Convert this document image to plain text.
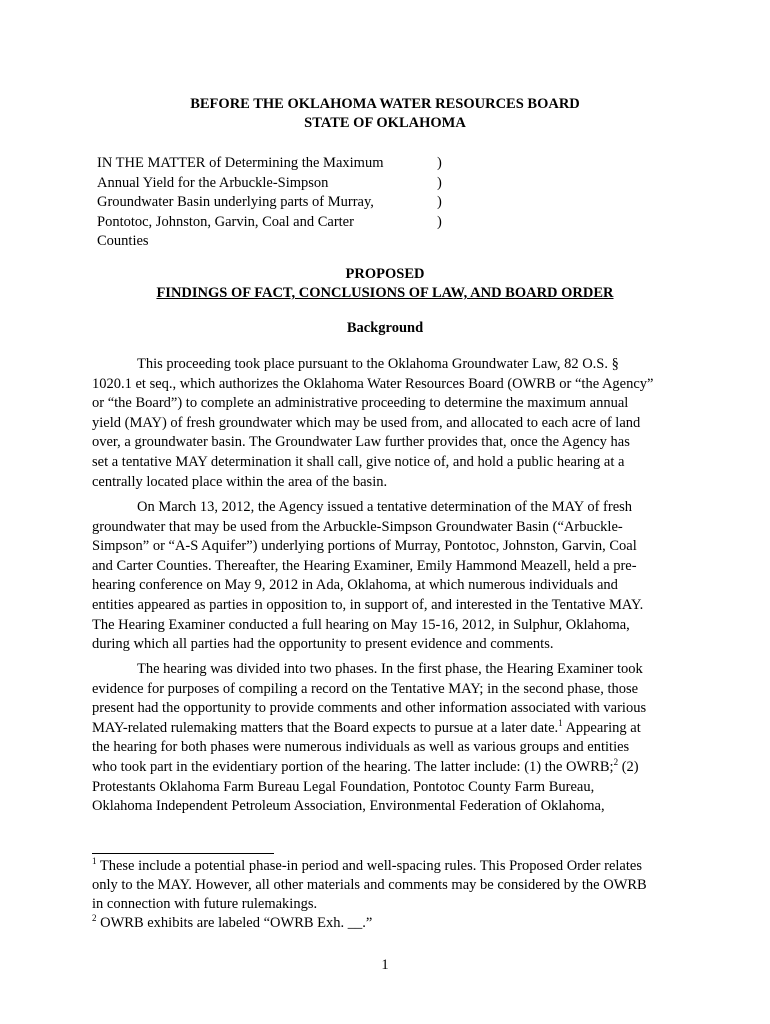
BEFORE THE OKLAHOMA WATER RESOURCES BOARD
STATE OF OKLAHOMA
IN THE MATTER of Determining the Maximum
Annual Yield for the Arbuckle-Simpson
Groundwater Basin underlying parts of Murray,
Pontotoc, Johnston, Garvin, Coal and Carter
Counties
)
)
)
)
PROPOSED
FINDINGS OF FACT, CONCLUSIONS OF LAW, AND BOARD ORDER
Background
This proceeding took place pursuant to the Oklahoma Groundwater Law, 82 O.S. §
1020.1 et seq., which authorizes the Oklahoma Water Resources Board (OWRB or “the Agency”
or “the Board”) to complete an administrative proceeding to determine the maximum annual
yield (MAY) of fresh groundwater which may be used from, and allocated to each acre of land
over, a groundwater basin. The Groundwater Law further provides that, once the Agency has
set a tentative MAY determination it shall call, give notice of, and hold a public hearing at a
centrally located place within the area of the basin.
On March 13, 2012, the Agency issued a tentative determination of the MAY of fresh
groundwater that may be used from the Arbuckle-Simpson Groundwater Basin (“Arbuckle-
Simpson” or “A-S Aquifer”) underlying portions of Murray, Pontotoc, Johnston, Garvin, Coal
and Carter Counties. Thereafter, the Hearing Examiner, Emily Hammond Meazell, held a pre-
hearing conference on May 9, 2012 in Ada, Oklahoma, at which numerous individuals and
entities appeared as parties in opposition to, in support of, and interested in the Tentative MAY.
The Hearing Examiner conducted a full hearing on May 15-16, 2012, in Sulphur, Oklahoma,
during which all parties had the opportunity to present evidence and comments.
The hearing was divided into two phases. In the first phase, the Hearing Examiner took
evidence for purposes of compiling a record on the Tentative MAY; in the second phase, those
present had the opportunity to provide comments and other information associated with various
MAY-related rulemaking matters that the Board expects to pursue at a later date.$^1$ Appearing at
the hearing for both phases were numerous individuals as well as various groups and entities
who took part in the evidentiary portion of the hearing. The latter include: (1) the OWRB;$^2$ (2)
Protestants Oklahoma Farm Bureau Legal Foundation, Pontotoc County Farm Bureau,
Oklahoma Independent Petroleum Association, Environmental Federation of Oklahoma,
$^1$ These include a potential phase-in period and well-spacing rules. This Proposed Order relates
only to the MAY. However, all other materials and comments may be considered by the OWRB
in connection with future rulemakings.
$^2$ OWRB exhibits are labeled “OWRB Exh. __.”
1
